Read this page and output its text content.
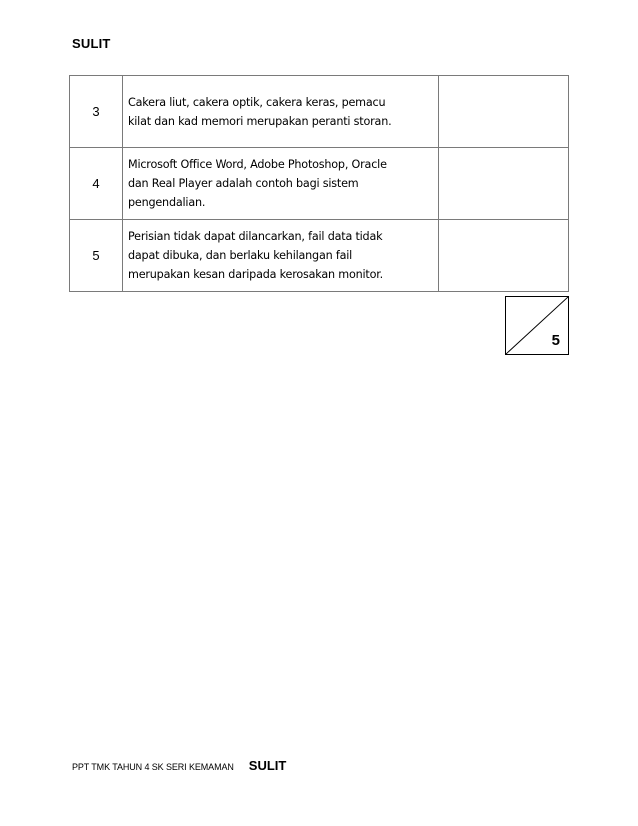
SULIT
3	Cakera liut, cakera optik, cakera keras, pemacu
kilat dan kad memori merupakan peranti storan.	

4	Microsoft Office Word, Adobe Photoshop, Oracle
dan Real Player adalah contoh bagi sistem
pengendalian.	

5	Perisian tidak dapat dilancarkan, fail data tidak
dapat dibuka, dan berlaku kehilangan fail
merupakan kesan daripada kerosakan monitor.	

5
PPT TMK TAHUN 4 SK SERI KEMAMAN SULIT
